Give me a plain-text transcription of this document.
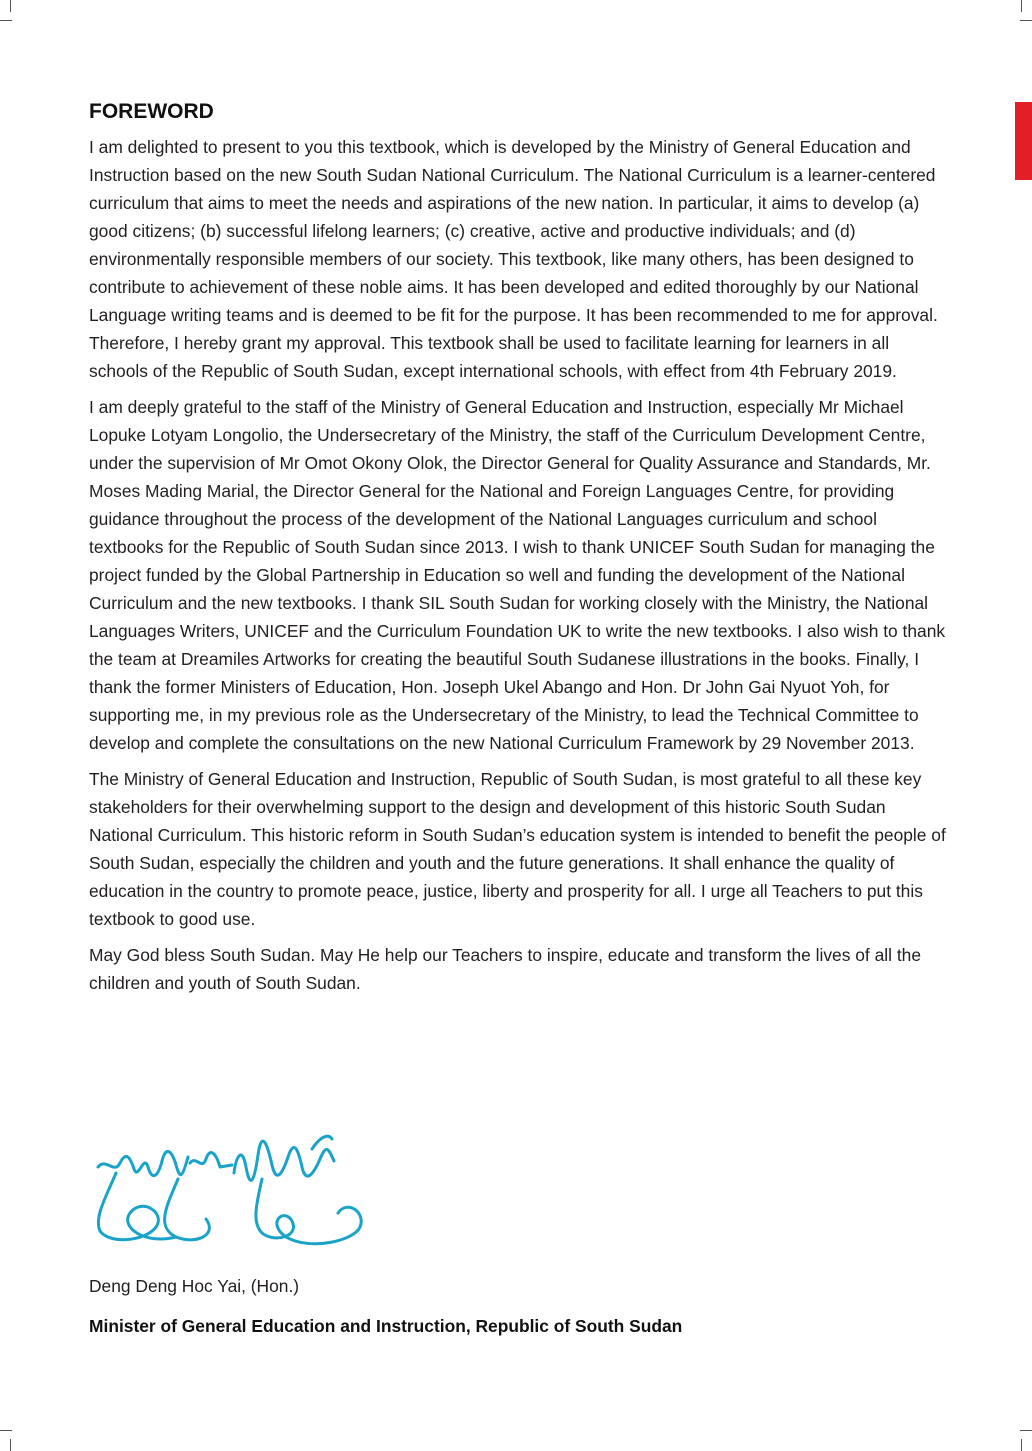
FOREWORD

I am delighted to present to you this textbook, which is developed by the Ministry of General Education and Instruction based on the new South Sudan National Curriculum. The National Curriculum is a learner-centered curriculum that aims to meet the needs and aspirations of the new nation. In particular, it aims to develop (a) good citizens; (b) successful lifelong learners; (c) creative, active and productive individuals; and (d) environmentally responsible members of our society. This textbook, like many others, has been designed to contribute to achievement of these noble aims. It has been developed and edited thoroughly by our National Language writing teams and is deemed to be fit for the purpose. It has been recommended to me for approval. Therefore, I hereby grant my approval. This textbook shall be used to facilitate learning for learners in all schools of the Republic of South Sudan, except international schools, with effect from 4th February 2019.

I am deeply grateful to the staff of the Ministry of General Education and Instruction, especially Mr Michael Lopuke Lotyam Longolio, the Undersecretary of the Ministry, the staff of the Curriculum Development Centre, under the supervision of Mr Omot Okony Olok, the Director General for Quality Assurance and Standards, Mr. Moses Mading Marial, the Director General for the National and Foreign Languages Centre, for providing guidance throughout the process of the development of the National Languages curriculum and school textbooks for the Republic of South Sudan since 2013. I wish to thank UNICEF South Sudan for managing the project funded by the Global Partnership in Education so well and funding the development of the National Curriculum and the new textbooks. I thank SIL South Sudan for working closely with the Ministry, the National Languages Writers, UNICEF and the Curriculum Foundation UK to write the new textbooks. I also wish to thank the team at Dreamiles Artworks for creating the beautiful South Sudanese illustrations in the books. Finally, I thank the former Ministers of Education, Hon. Joseph Ukel Abango and Hon. Dr John Gai Nyuot Yoh, for supporting me, in my previous role as the Undersecretary of the Ministry, to lead the Technical Committee to develop and complete the consultations on the new National Curriculum Framework by 29 November 2013.

The Ministry of General Education and Instruction, Republic of South Sudan, is most grateful to all these key stakeholders for their overwhelming support to the design and development of this historic South Sudan National Curriculum. This historic reform in South Sudan’s education system is intended to benefit the people of South Sudan, especially the children and youth and the future generations. It shall enhance the quality of education in the country to promote peace, justice, liberty and prosperity for all. I urge all Teachers to put this textbook to good use.

May God bless South Sudan. May He help our Teachers to inspire, educate and transform the lives of all the children and youth of South Sudan.

Deng Deng Hoc Yai, (Hon.)
Minister of General Education and Instruction, Republic of South Sudan
